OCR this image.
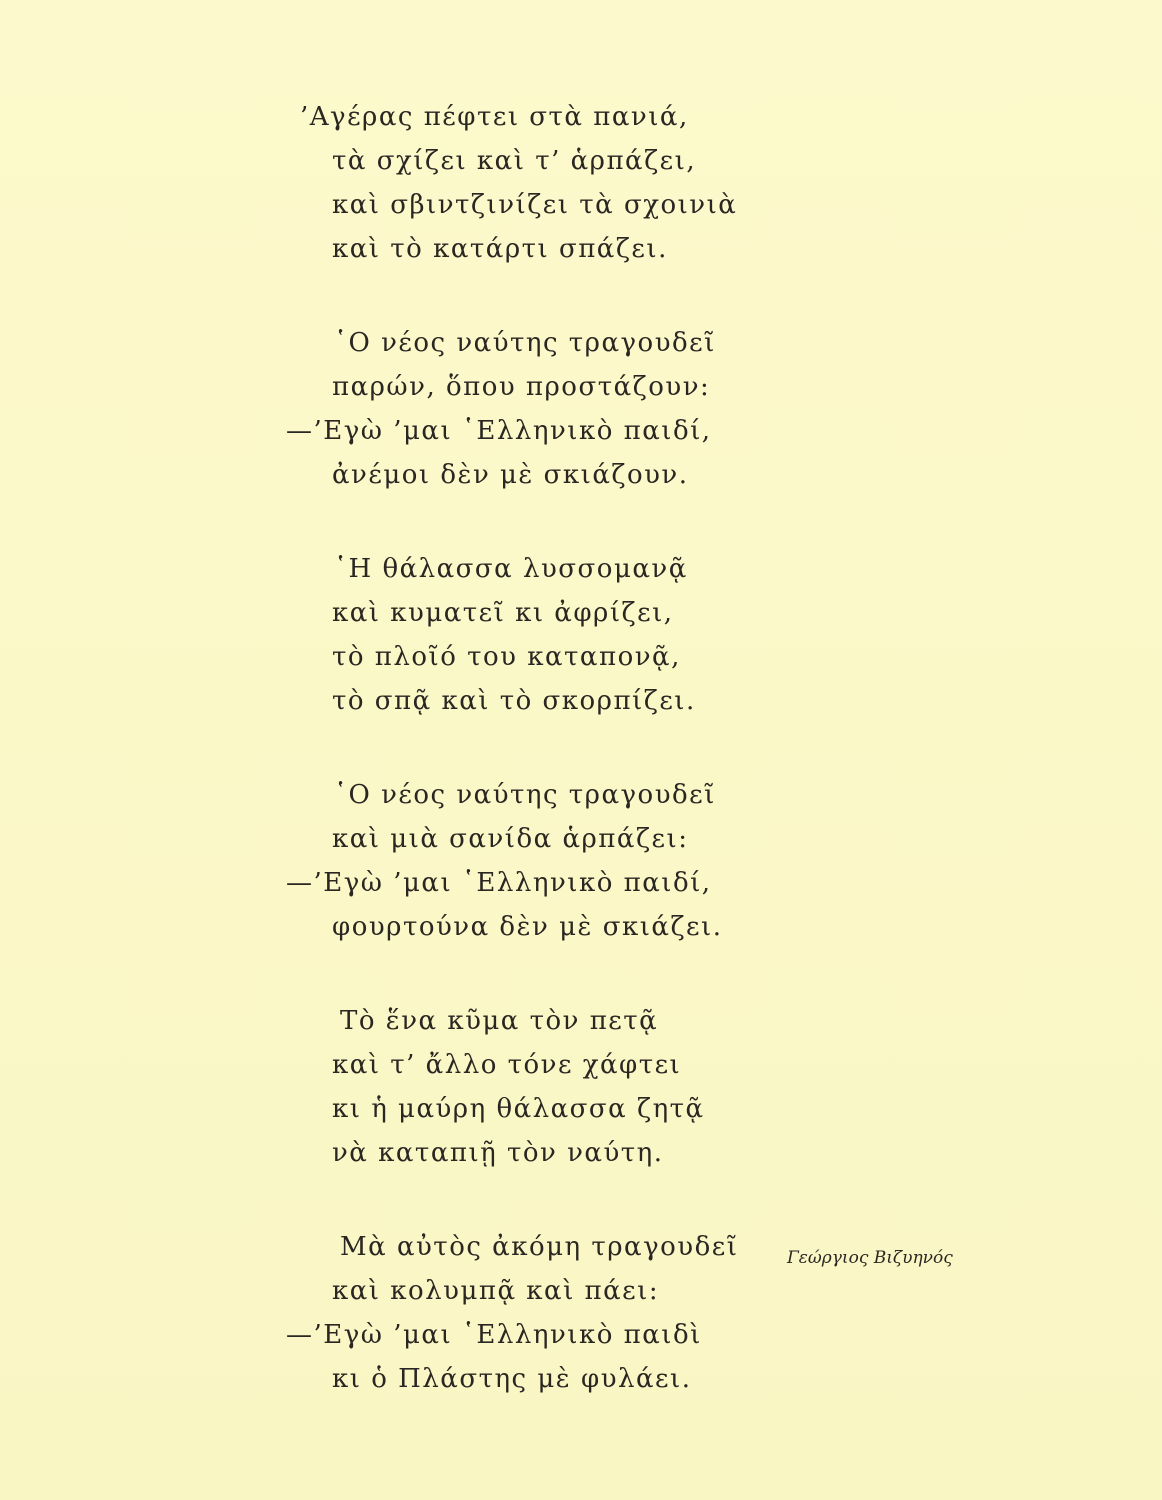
’Αγέρας πέφτει στὰ πανιά,
τὰ σχίζει καὶ τ’ ἁρπάζει,
καὶ σβιντζινίζει τὰ σχοινιὰ
καὶ τὸ κατάρτι σπάζει.
῾Ο νέος ναύτης τραγουδεῖ
παρών, ὅπου προστάζουν:
—’Εγὼ ’μαι ῾Ελληνικὸ παιδί,
ἀνέμοι δὲν μὲ σκιάζουν.
῾Η θάλασσα λυσσομανᾷ
καὶ κυματεῖ κι ἀφρίζει,
τὸ πλοῖό του καταπονᾷ,
τὸ σπᾷ καὶ τὸ σκορπίζει.
῾Ο νέος ναύτης τραγουδεῖ
καὶ μιὰ σανίδα ἁρπάζει:
—’Εγὼ ’μαι ῾Ελληνικὸ παιδί,
φουρτούνα δὲν μὲ σκιάζει.
Τὸ ἕνα κῦμα τὸν πετᾷ
καὶ τ’ ἄλλο τόνε χάφτει
κι ἡ μαύρη θάλασσα ζητᾷ
νὰ καταπιῇ τὸν ναύτη.
Μὰ αὐτὸς ἀκόμη τραγουδεῖ
καὶ κολυμπᾷ καὶ πάει:
—’Εγὼ ’μαι ῾Ελληνικὸ παιδὶ
κι ὁ Πλάστης μὲ φυλάει.
Γεώργιος Βιζυηνός
